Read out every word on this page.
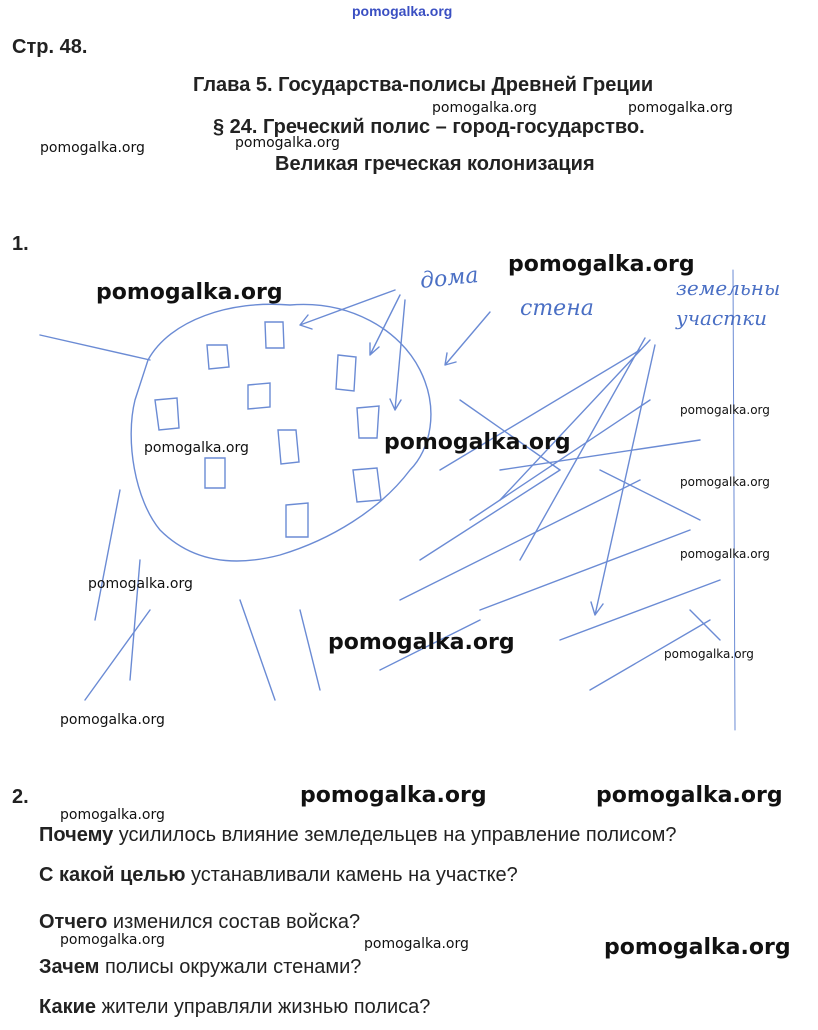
pomogalka.org
Стр. 48.
Глава 5. Государства-полисы Древней Греции
§ 24. Греческий полис – город-государство.
Великая греческая колонизация
1.
2.
дома
стена
земельны
участки
Почему усилилось влияние земледельцев на управление полисом?
С какой целью устанавливали камень на участке?
Отчего изменился состав войска?
Зачем полисы окружали стенами?
Какие жители управляли жизнью полиса?
pomogalka.org	pomogalka.org
pomogalka.org	pomogalka.org
pomogalka.org
pomogalka.org
pomogalka.org
pomogalka.org	pomogalka.org
pomogalka.org
pomogalka.org
pomogalka.org
pomogalka.org	pomogalka.org
pomogalka.org
pomogalka.org	pomogalka.org
pomogalka.org
pomogalka.org	pomogalka.org	pomogalka.org
